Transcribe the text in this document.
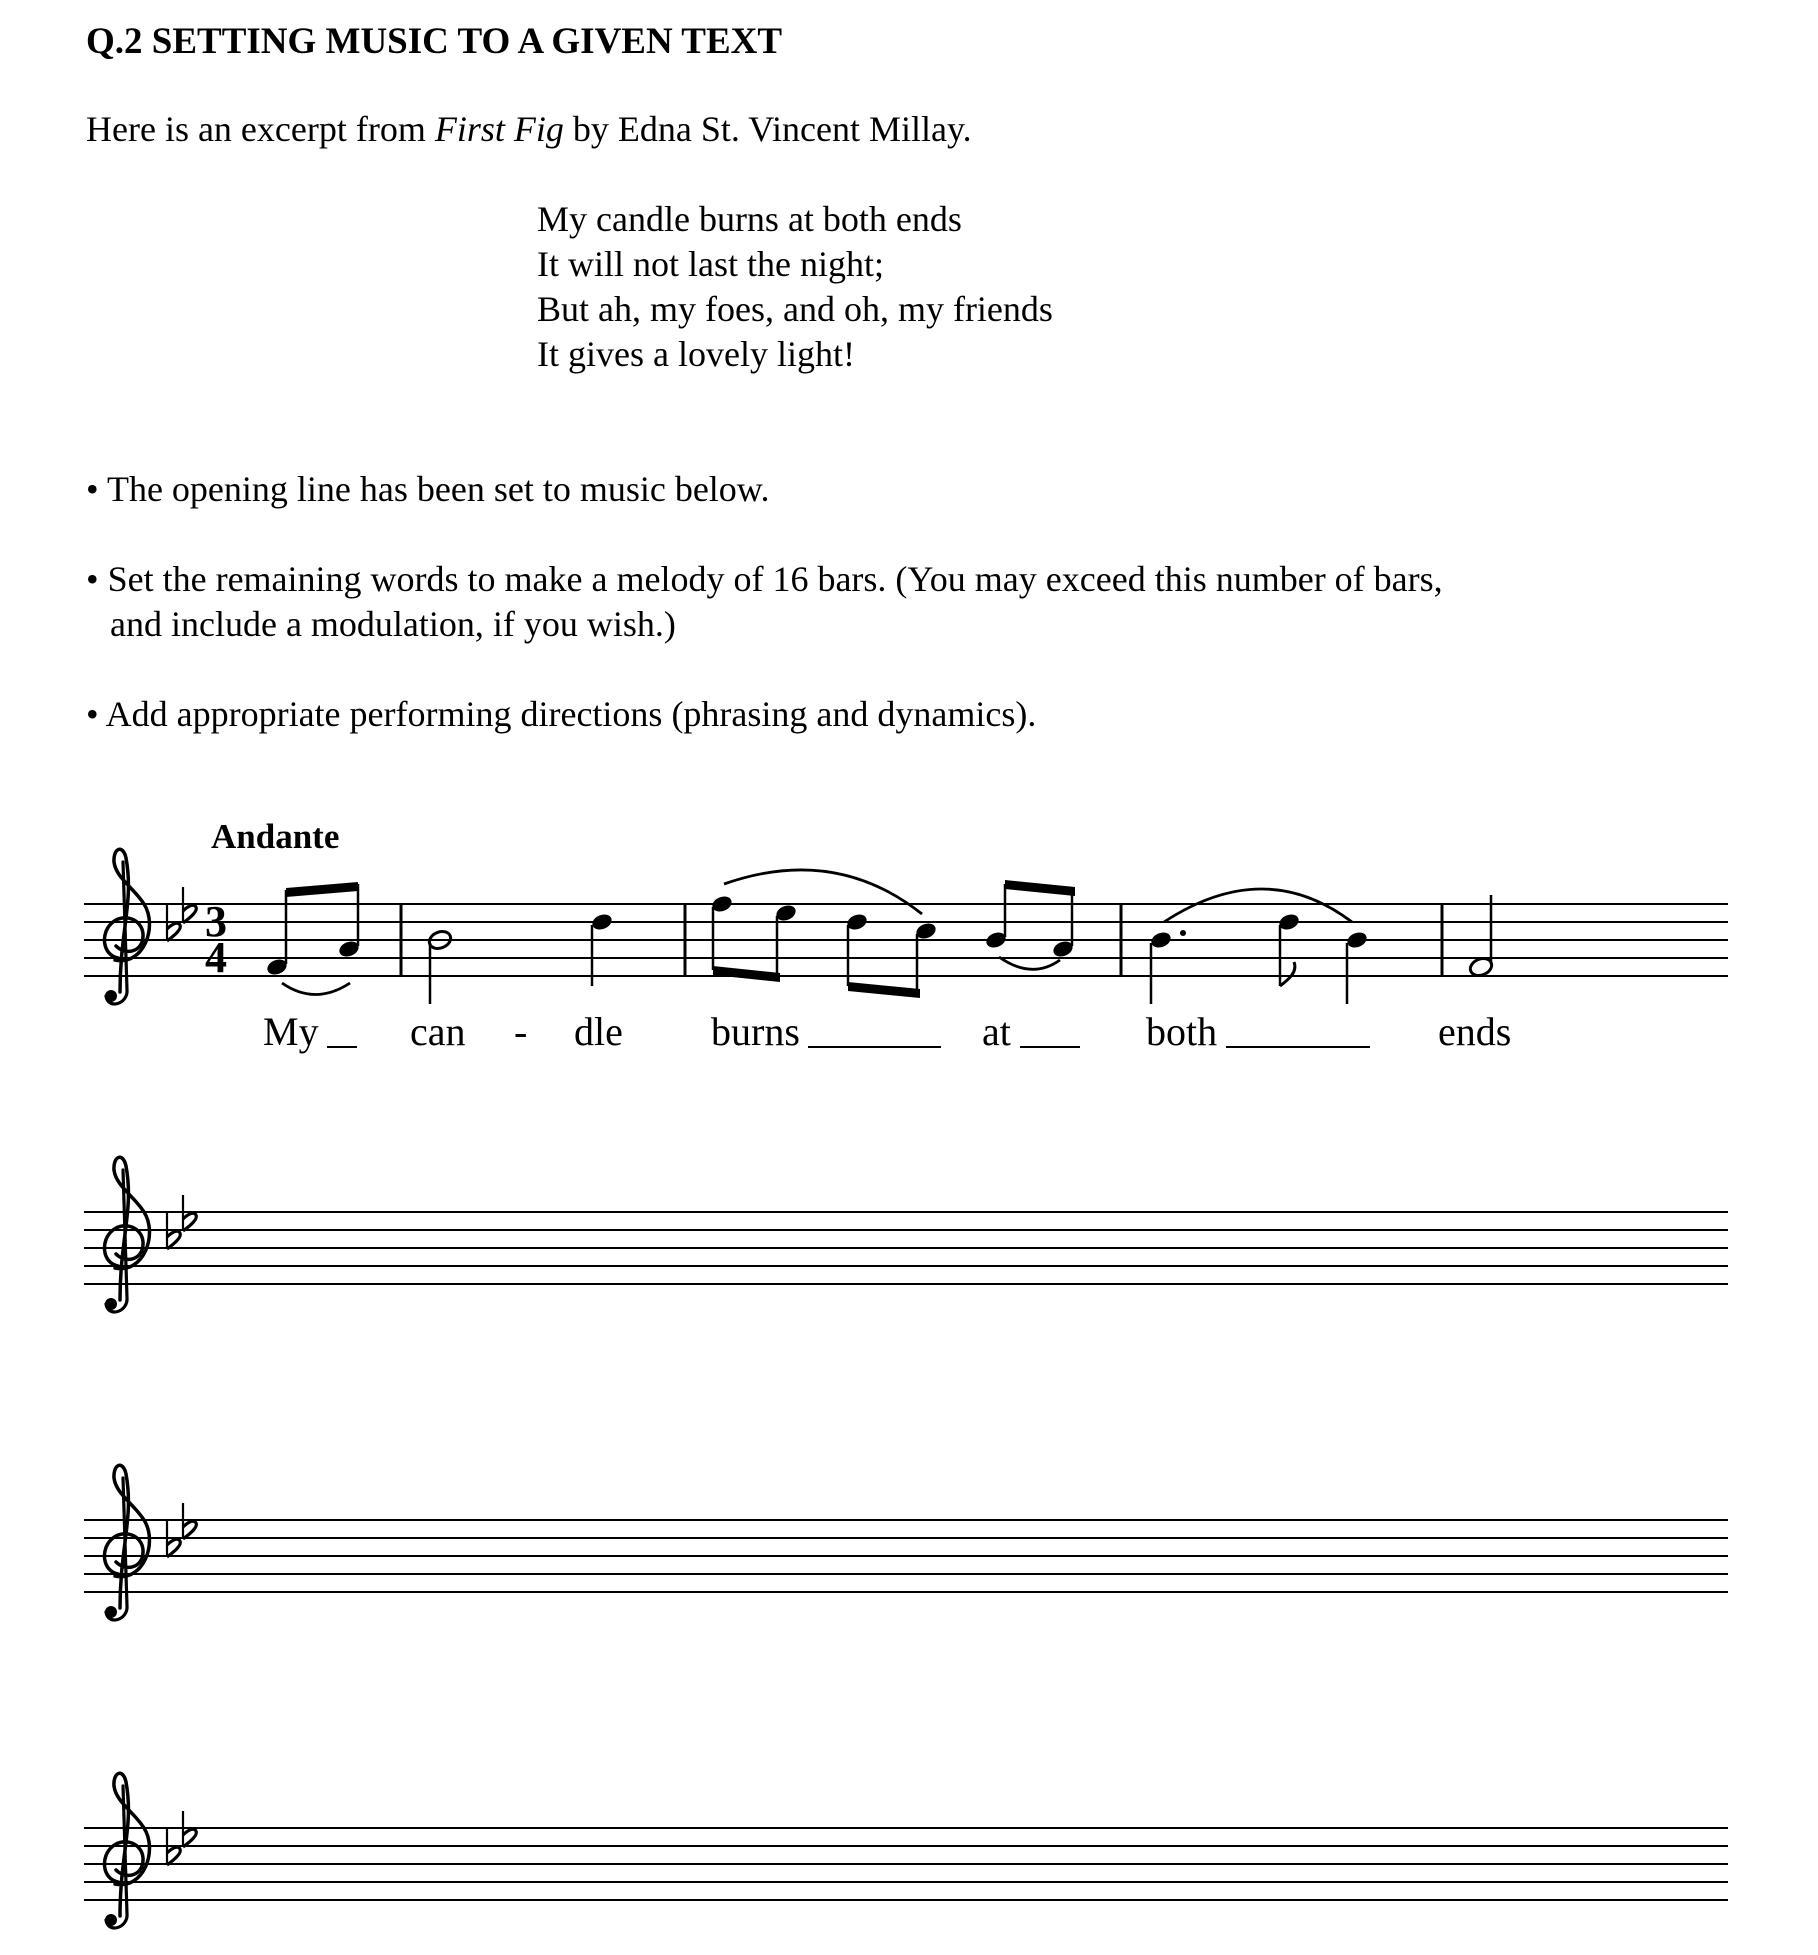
Q.2 SETTING MUSIC TO A GIVEN TEXT
Here is an excerpt from First Fig by Edna St. Vincent Millay.
My candle burns at both ends
It will not last the night;
But ah, my foes, and oh, my friends
It gives a lovely light!
• The opening line has been set to music below.
• Set the remaining words to make a melody of 16 bars. (You may exceed this number of bars,
and include a modulation, if you wish.)
• Add appropriate performing directions (phrasing and dynamics).
Andante
My can - dle burns	at	both	ends
3
4
